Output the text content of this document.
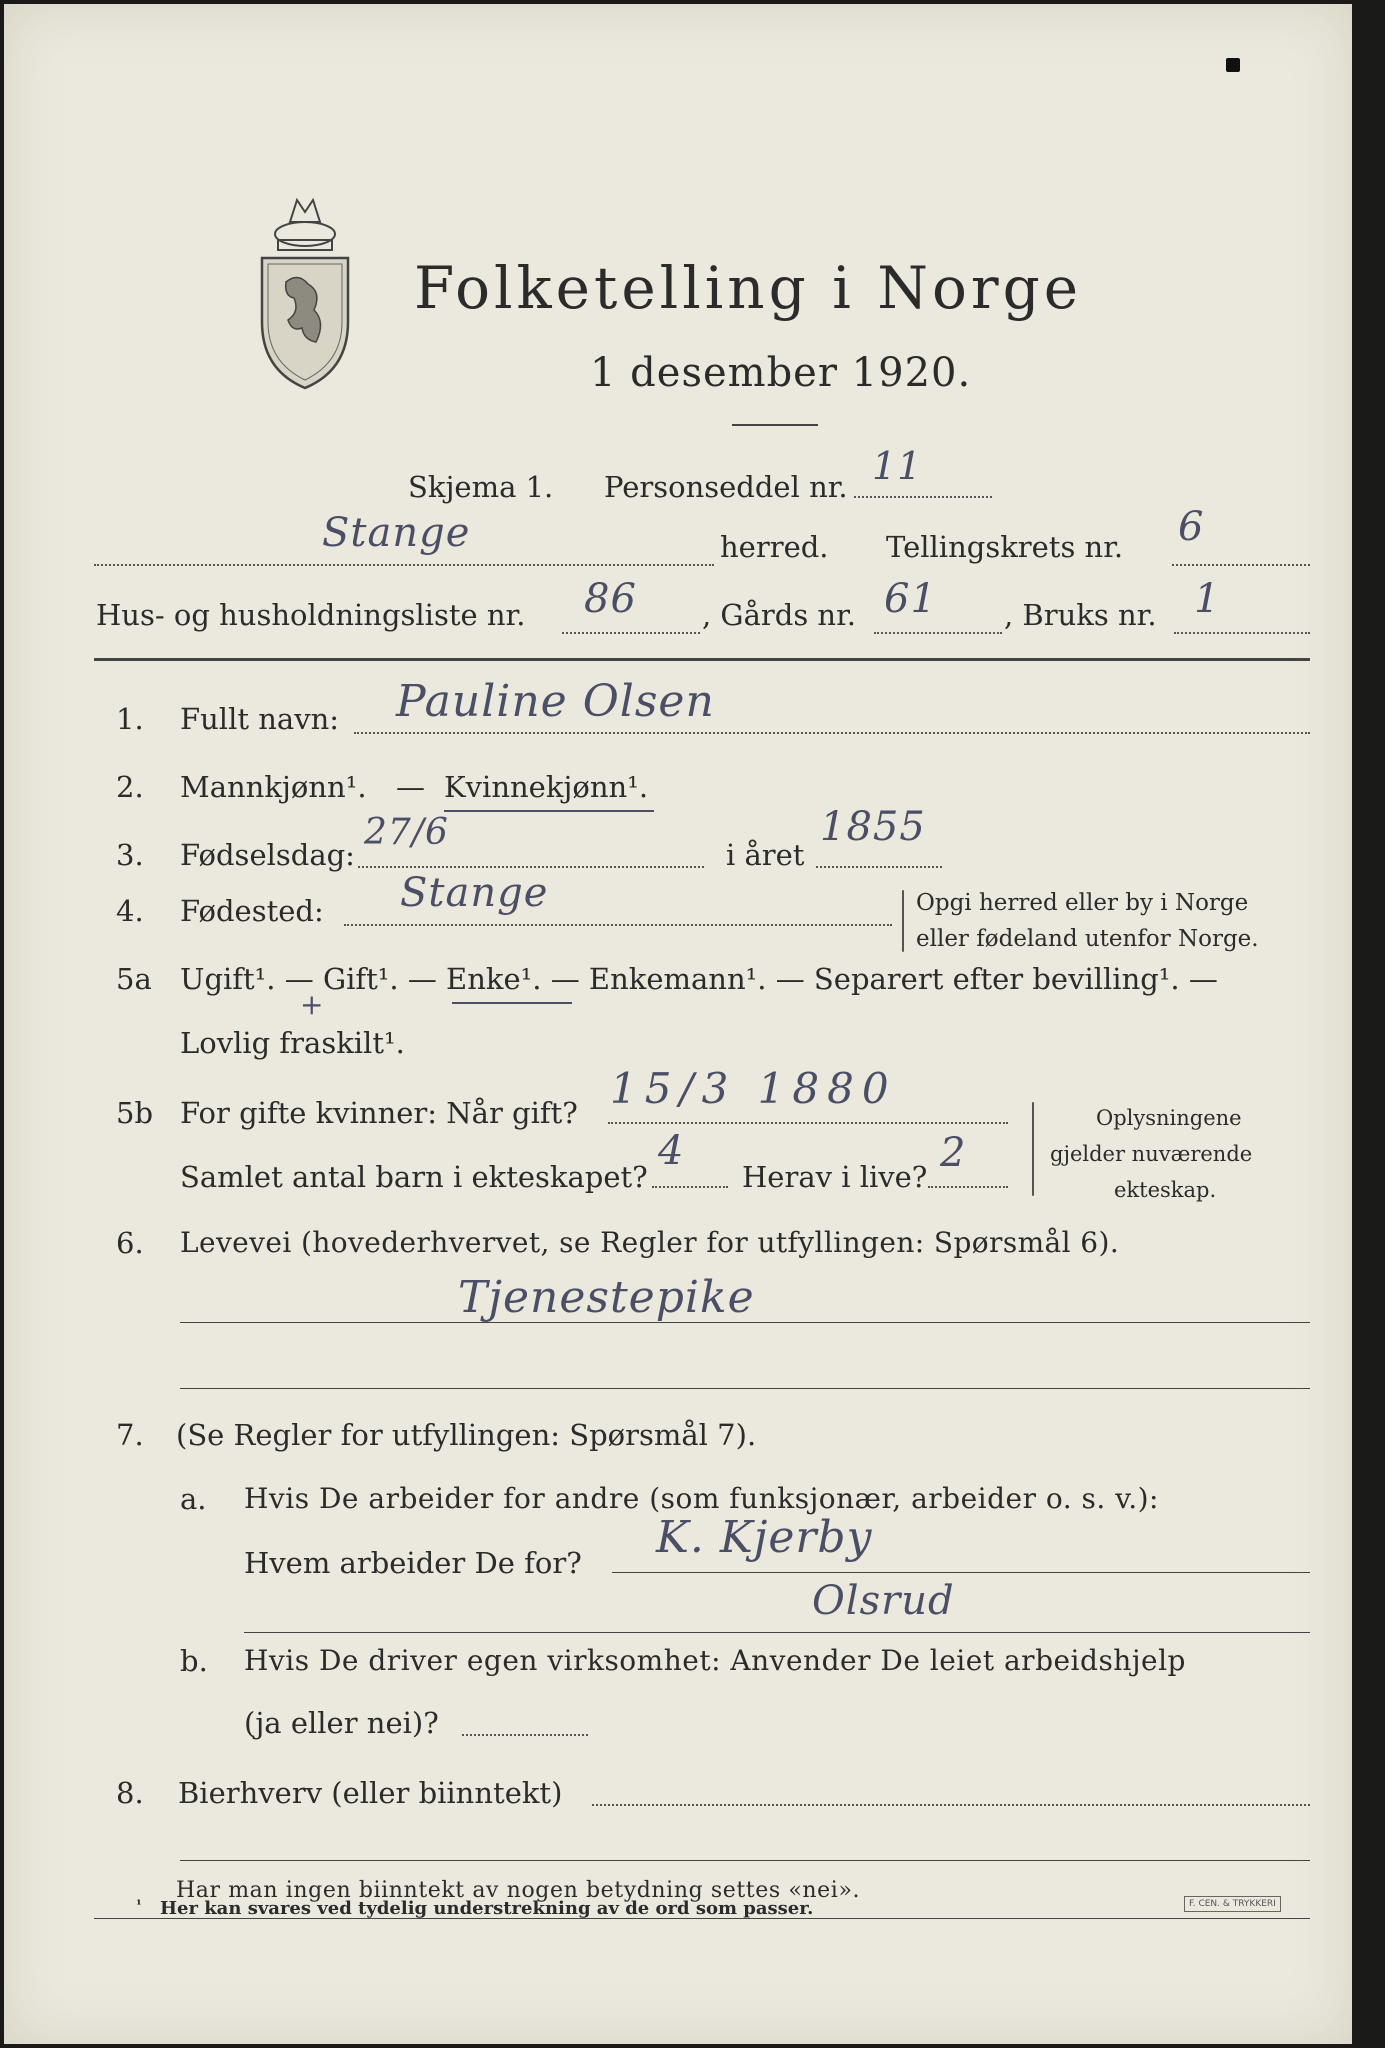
Folketelling i Norge
1 desember 1920.
Skjema 1. Personseddel nr. 11
Stange	herred. Tellingskrets nr. 6
Hus- og husholdningsliste nr. 86 , Gårds nr. 61 , Bruks nr. 1
1. Fullt navn: Pauline Olsen
2. Mannkjønn¹. — Kvinnekjønn¹.
3. Fødselsdag:
27/6
i året
1855
4. Fødested: Stange	Opgi herred eller by i Norge
eller fødeland utenfor Norge.
5a Ugift¹. — Gift¹. — Enke¹. — Enkemann¹. — Separert efter bevilling¹. —
+
Lovlig fraskilt¹.
5b For gifte kvinner: Når gift? 15/3 1880
Samlet antal barn i ekteskapet?
4
Herav i live?
2
Oplysningene
gjelder nuværende
ekteskap.
6. Levevei (hovederhvervet, se Regler for utfyllingen: Spørsmål 6).
Tjenestepike
7. (Se Regler for utfyllingen: Spørsmål 7).
a. Hvis De arbeider for andre (som funksjonær, arbeider o. s. v.):
Hvem arbeider De for? K. Kjerby
Olsrud
b. Hvis De driver egen virksomhet: Anvender De leiet arbeidshjelp
(ja eller nei)?
8. Bierhverv (eller biinntekt)
Har man ingen biinntekt av nogen betydning settes «nei».
¹ Her kan svares ved tydelig understrekning av de ord som passer.	F. CEN. & TRYKKERI
